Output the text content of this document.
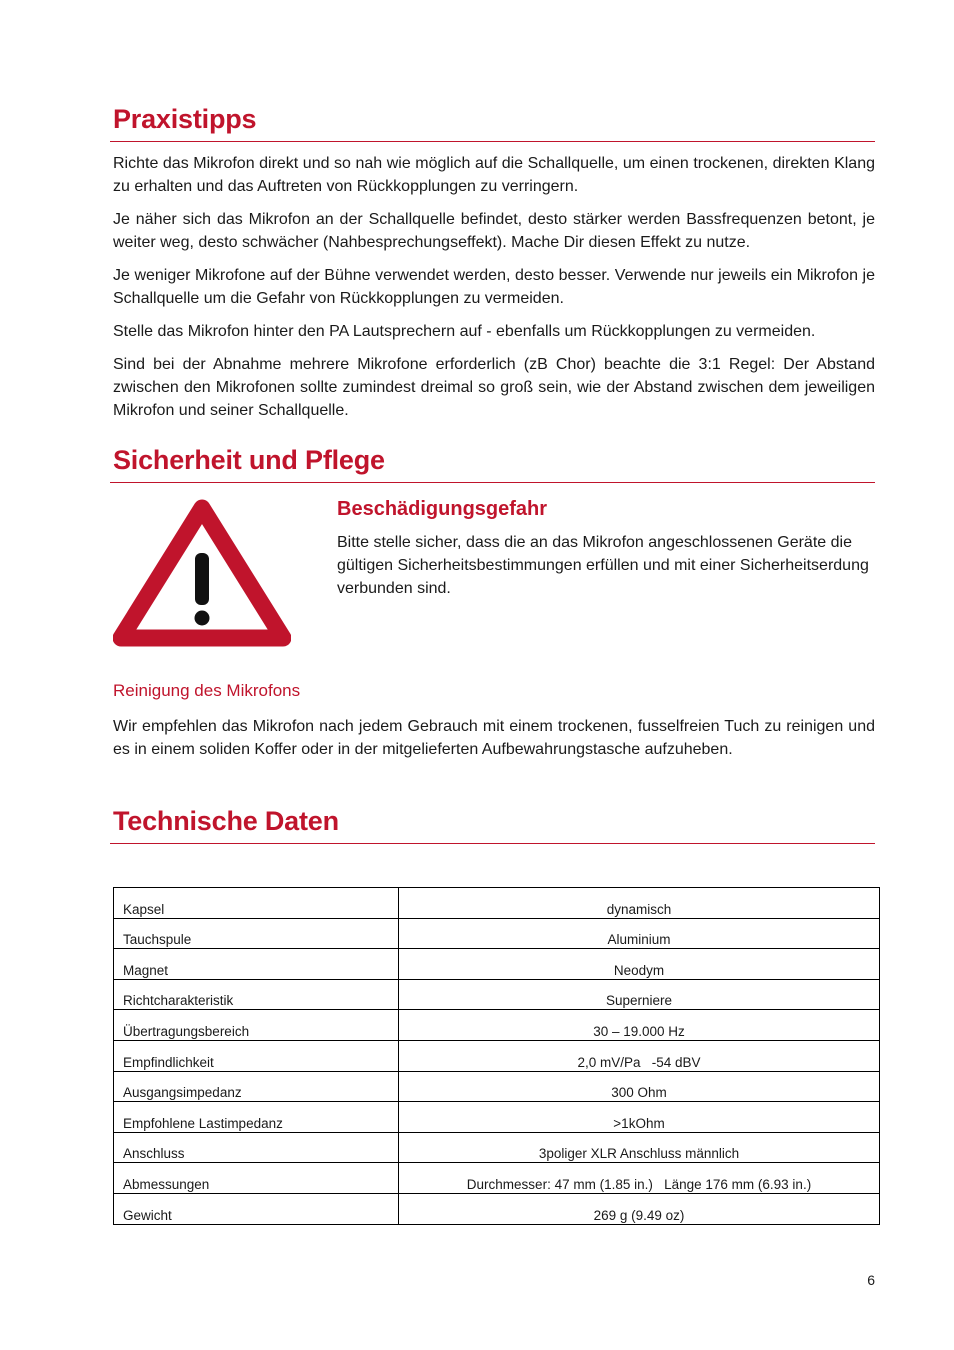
Praxistipps

Richte das Mikrofon direkt und so nah wie möglich auf die Schallquelle, um einen trockenen, direkten Klang zu erhalten und das Auftreten von Rückkopplungen zu verringern.

Je näher sich das Mikrofon an der Schallquelle befindet, desto stärker werden Bassfrequenzen betont, je weiter weg, desto schwächer (Nahbesprechungseffekt). Mache Dir diesen Effekt zu nutze.

Je weniger Mikrofone auf der Bühne verwendet werden, desto besser. Verwende nur jeweils ein Mikrofon je Schallquelle um die Gefahr von Rückkopplungen zu vermeiden.

Stelle das Mikrofon hinter den PA Lautsprechern auf - ebenfalls um Rückkopplungen zu vermeiden.

Sind bei der Abnahme mehrere Mikrofone erforderlich (zB Chor) beachte die 3:1 Regel: Der Abstand zwischen den Mikrofonen sollte zumindest dreimal so groß sein, wie der Abstand zwischen dem jeweiligen Mikrofon und seiner Schallquelle.

Sicherheit und Pflege
Beschädigungsgefahr

Bitte stelle sicher, dass die an das Mikrofon angeschlossenen Geräte die gültigen Sicherheitsbestimmungen erfüllen und mit einer Sicherheitserdung verbunden sind.

Reinigung des Mikrofons

Wir empfehlen das Mikrofon nach jedem Gebrauch mit einem trockenen, fusselfreien Tuch zu reinigen und es in einem soliden Koffer oder in der mitgelieferten Aufbewahrungstasche aufzuheben.

Technische Daten
Kapsel	dynamisch
Tauchspule	Aluminium
Magnet	Neodym
Richtcharakteristik	Superniere
Übertragungsbereich	30 – 19.000 Hz
Empfindlichkeit	2,0 mV/Pa   -54 dBV
Ausgangsimpedanz	300 Ohm
Empfohlene Lastimpedanz	>1kOhm
Anschluss	3poliger XLR Anschluss männlich
Abmessungen	Durchmesser: 47 mm (1.85 in.)   Länge 176 mm (6.93 in.)
Gewicht	269 g (9.49 oz)
6
